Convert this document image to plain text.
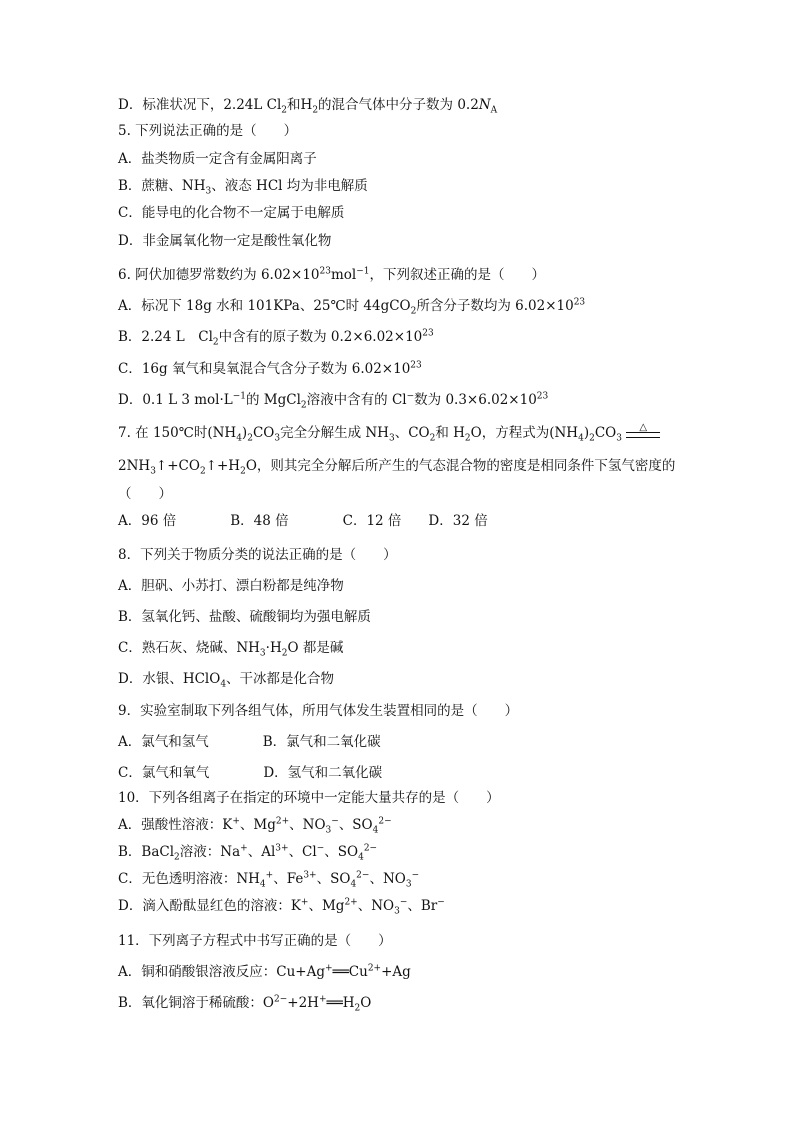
D．标准状况下，2.24L $Cl_2$和$H_2$的混合气体中分子数为 $0.2N_A$
5. 下列说法正确的是（　　）
A．盐类物质一定含有金属阳离子
B．蔗糖、$NH_3$、液态 HCl 均为非电解质
C．能导电的化合物不一定属于电解质
D．非金属氧化物一定是酸性氧化物
6. 阿伏加德罗常数约为 $6.02\times 10^{23}mol^{-1}$，下列叙述正确的是（　　）
A．标况下 18g 水和 101KPa、25℃时 44gCO$_2$所含分子数均为 $6.02\times 10^{23}$
B．2.24 L　$Cl_2$中含有的原子数为 $0.2\times 6.02\times 10^{23}$
C．16g 氧气和臭氧混合气含分子数为 $6.02\times 10^{23}$
D．0.1 L 3 $mol\cdot L^{-1}$的 MgCl$_2$溶液中含有的 Cl−数为 $0.3\times 6.02\times 10^{23}$
7. 在 150℃时$(NH_4)_2CO_3$完全分解生成 $NH_3$、$CO_2$和 $H_2O$，方程式为$(NH_4)_2CO_3$
△
$2NH_3↑+CO_2↑+H_2O$，则其完全分解后所产生的气态混合物的密度是相同条件下氢气密度的
（　　）
A．96 倍　　　　B．48 倍　　　　C．12 倍　　D．32 倍
8．下列关于物质分类的说法正确的是（　　）
A．胆矾、小苏打、漂白粉都是纯净物
B．氢氧化钙、盐酸、硫酸铜均为强电解质
C．熟石灰、烧碱、$NH_3\cdot H_2O$ 都是碱
D．水银、HClO$_4$、干冰都是化合物
9．实验室制取下列各组气体，所用气体发生装置相同的是（　　）
A．氯气和氢气　　　　B．氯气和二氧化碳
C．氯气和氧气　　　　D．氢气和二氧化碳
10．下列各组离子在指定的环境中一定能大量共存的是（　　）
A．强酸性溶液：K+、$Mg^{2+}$、$NO_3^-$、$SO_4^{2-}$
B．BaCl$_2$溶液：Na+、$Al^{3+}$、Cl−、$SO_4^{2-}$
C．无色透明溶液：$NH_4^+$、$Fe^{3+}$、$SO_4^{2-}$、$NO_3^-$
D．滴入酚酞显红色的溶液：K+、$Mg^{2+}$、$NO_3^-$、Br−
11．下列离子方程式中书写正确的是（　　）
A．铜和硝酸银溶液反应：$Cu+Ag^+══Cu^{2+}+Ag$
B．氧化铜溶于稀硫酸：$O^{2-}+2H^+══H_2O$
